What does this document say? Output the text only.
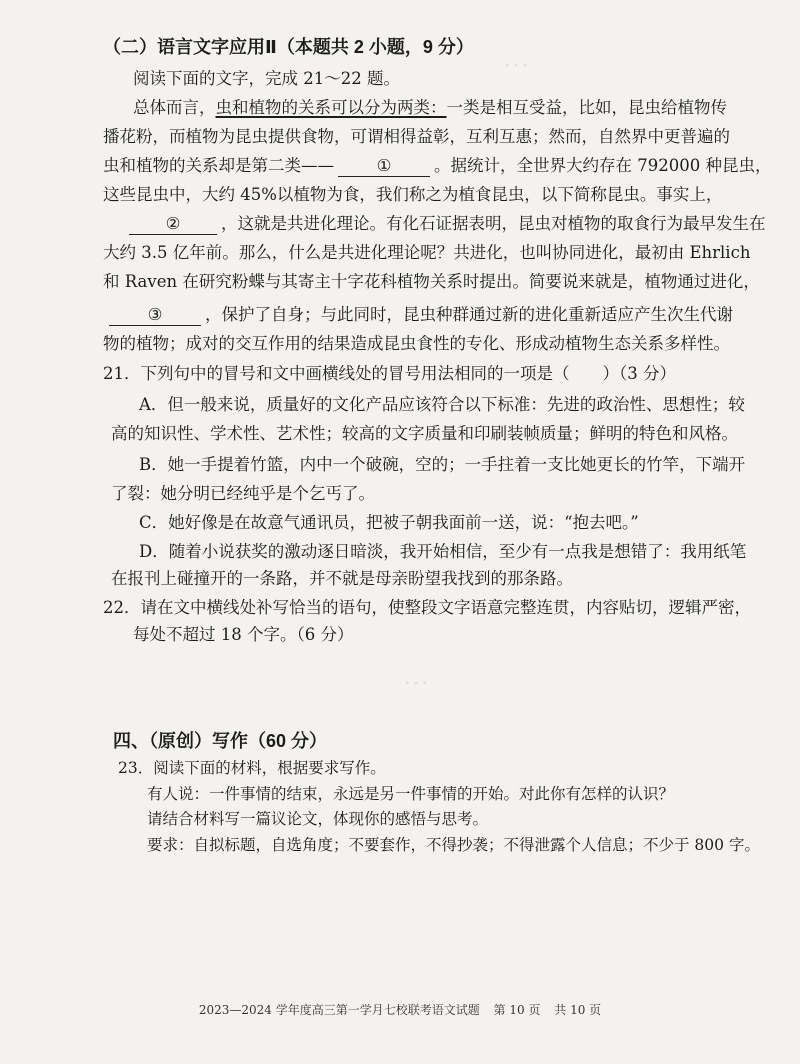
· · ·
· · ·
（二）语言文字应用Ⅱ（本题共 2 小题，9 分）
阅读下面的文字，完成 21～22 题。
总体而言，虫和植物的关系可以分为两类：一类是相互受益，比如，昆虫给植物传
播花粉，而植物为昆虫提供食物，可谓相得益彰，互利互惠；然而，自然界中更普遍的
虫和植物的关系却是第二类——	①	。据统计，全世界大约存在 792000 种昆虫，
这些昆虫中，大约 45%以植物为食，我们称之为植食昆虫，以下简称昆虫。事实上，
② ，这就是共进化理论。有化石证据表明，昆虫对植物的取食行为最早发生在
大约 3.5 亿年前。那么，什么是共进化理论呢？共进化，也叫协同进化，最初由 Ehrlich
和 Raven 在研究粉蝶与其寄主十字花科植物关系时提出。简要说来就是，植物通过进化，
③	，保护了自身；与此同时，昆虫种群通过新的进化重新适应产生次生代谢
物的植物；成对的交互作用的结果造成昆虫食性的专化、形成动植物生态关系多样性。
21．下列句中的冒号和文中画横线处的冒号用法相同的一项是（　　）（3 分）
A．但一般来说，质量好的文化产品应该符合以下标准：先进的政治性、思想性；较
高的知识性、学术性、艺术性；较高的文字质量和印刷装帧质量；鲜明的特色和风格。
B．她一手提着竹篮，内中一个破碗，空的；一手拄着一支比她更长的竹竿，下端开
了裂：她分明已经纯乎是个乞丐了。
C．她好像是在故意气通讯员，把被子朝我面前一送，说：“抱去吧。”
D．随着小说获奖的激动逐日暗淡，我开始相信，至少有一点我是想错了：我用纸笔
在报刊上碰撞开的一条路，并不就是母亲盼望我找到的那条路。
22．请在文中横线处补写恰当的语句，使整段文字语意完整连贯，内容贴切，逻辑严密，
每处不超过 18 个字。（6 分）
四、（原创）写作（60 分）
23．阅读下面的材料，根据要求写作。
有人说：一件事情的结束，永远是另一件事情的开始。对此你有怎样的认识？
请结合材料写一篇议论文，体现你的感悟与思考。
要求：自拟标题，自选角度；不要套作，不得抄袭；不得泄露个人信息；不少于 800 字。
2023—2024 学年度高三第一学月七校联考语文试题 第 10 页 共 10 页
